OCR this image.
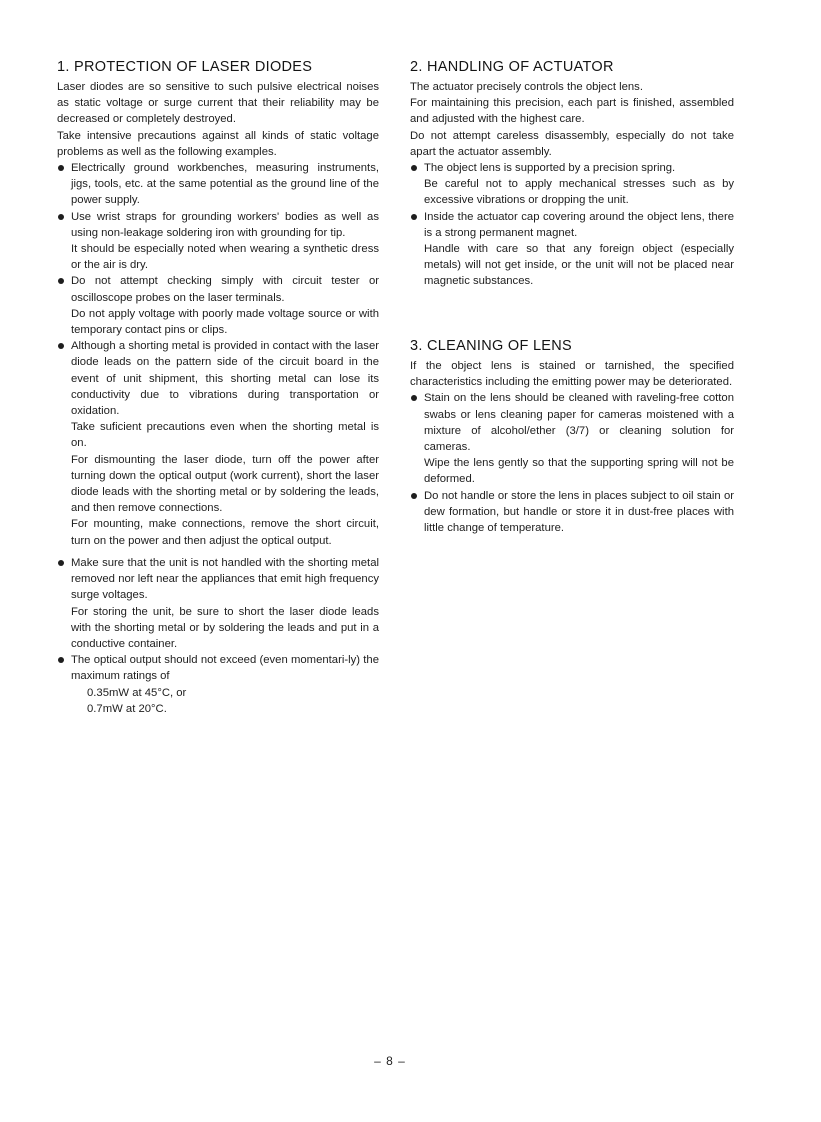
1. PROTECTION OF LASER DIODES

Laser diodes are so sensitive to such pulsive electrical noises as static voltage or surge current that their reliability may be decreased or completely destroyed.

Take intensive precautions against all kinds of static voltage problems as well as the following examples.

Electrically ground workbenches, measuring instruments, jigs, tools, etc. at the same potential as the ground line of the power supply.

Use wrist straps for grounding workers' bodies as well as using non-leakage soldering iron with grounding for tip.

It should be especially noted when wearing a synthetic dress or the air is dry.

Do not attempt checking simply with circuit tester or oscilloscope probes on the laser terminals.

Do not apply voltage with poorly made voltage source or with temporary contact pins or clips.

Although a shorting metal is provided in contact with the laser diode leads on the pattern side of the circuit board in the event of unit shipment, this shorting metal can lose its conductivity due to vibrations during transportation or oxidation.

Take suficient precautions even when the shorting metal is on.

For dismounting the laser diode, turn off the power after turning down the optical output (work current), short the laser diode leads with the shorting metal or by soldering the leads, and then remove connections.

For mounting, make connections, remove the short circuit, turn on the power and then adjust the optical output.

Make sure that the unit is not handled with the shorting metal removed nor left near the appliances that emit high frequency surge voltages.

For storing the unit, be sure to short the laser diode leads with the shorting metal or by soldering the leads and put in a conductive container.

The optical output should not exceed (even momentari-ly) the maximum ratings of

0.35mW at 45°C, or

0.7mW at 20°C.

2. HANDLING OF ACTUATOR

The actuator precisely controls the object lens.

For maintaining this precision, each part is finished, assembled and adjusted with the highest care.

Do not attempt careless disassembly, especially do not take apart the actuator assembly.

The object lens is supported by a precision spring.

Be careful not to apply mechanical stresses such as by excessive vibrations or dropping the unit.

Inside the actuator cap covering around the object lens, there is a strong permanent magnet.

Handle with care so that any foreign object (especially metals) will not get inside, or the unit will not be placed near magnetic substances.

3. CLEANING OF LENS

If the object lens is stained or tarnished, the specified characteristics including the emitting power may be deteriorated.

Stain on the lens should be cleaned with raveling-free cotton swabs or lens cleaning paper for cameras moistened with a mixture of alcohol/ether (3/7) or cleaning solution for cameras.

Wipe the lens gently so that the supporting spring will not be deformed.

Do not handle or store the lens in places subject to oil stain or dew formation, but handle or store it in dust-free places with little change of temperature.

– 8 –
